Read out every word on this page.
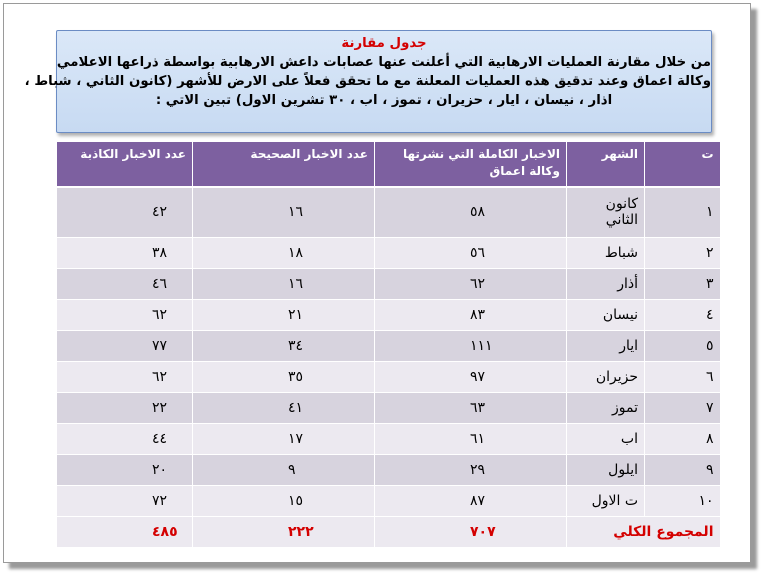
جدول مقارنة
من خلال مقارنة العمليات الارهابية التي أعلنت عنها عصابات داعش الارهابية بواسطة ذراعها الاعلامي
وكالة اعماق وعند تدقيق هذه العمليات المعلنة مع ما تحقق فعلاً على الارض للأشهر (كانون الثاني ، شباط ،
اذار ، نيسان ، ايار ، حزيران ، تموز ، اب ، ٣٠ تشرين الاول) تبين الاتي :
ت	الشهر	الاخبار الكاملة التي نشرتها وكالة اعماق	عدد الاخبار الصحيحة	عدد الاخبار الكاذبة
١	كانون الثاني	٥٨	١٦	٤٢
٢	شباط	٥٦	١٨	٣٨
٣	أذار	٦٢	١٦	٤٦
٤	نيسان	٨٣	٢١	٦٢
٥	ايار	١١١	٣٤	٧٧
٦	حزيران	٩٧	٣٥	٦٢
٧	تموز	٦٣	٤١	٢٢
٨	اب	٦١	١٧	٤٤
٩	ايلول	٢٩	٩	٢٠
١٠	ت الاول	٨٧	١٥	٧٢
المجموع الكلي		٧٠٧	٢٢٢	٤٨٥
